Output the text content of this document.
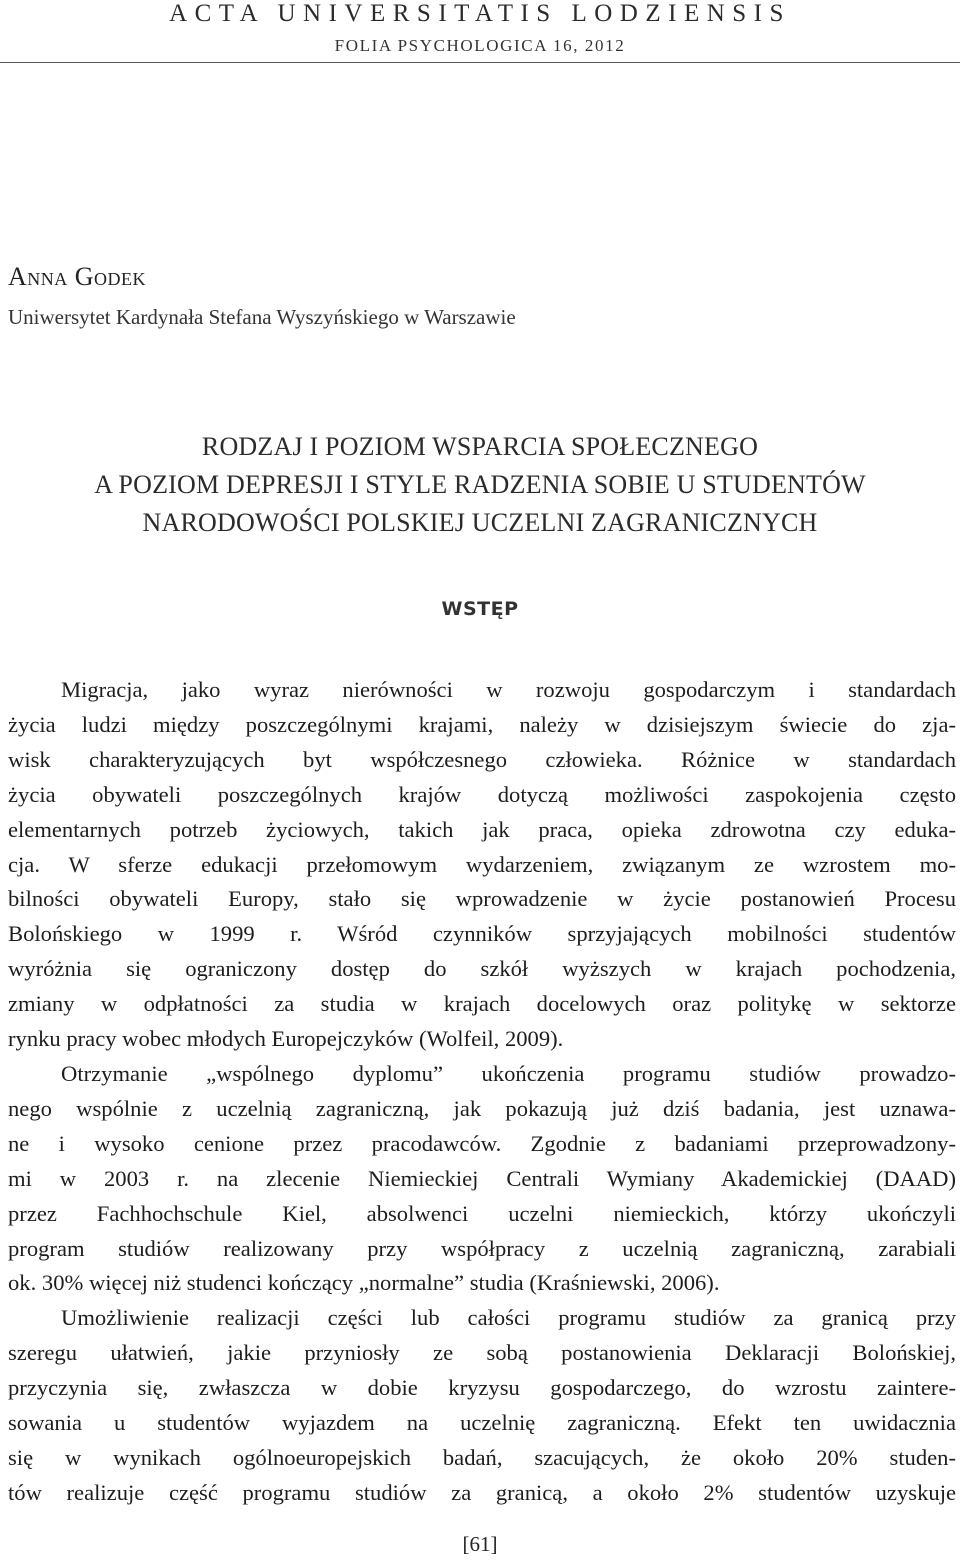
ACTA UNIVERSITATIS LODZIENSIS
FOLIA PSYCHOLOGICA 16, 2012
Anna Godek
Uniwersytet Kardynała Stefana Wyszyńskiego w Warszawie
RODZAJ I POZIOM WSPARCIA SPOŁECZNEGO
A POZIOM DEPRESJI I STYLE RADZENIA SOBIE U STUDENTÓW
NARODOWOŚCI POLSKIEJ UCZELNI ZAGRANICZNYCH
WSTĘP
Migracja, jako wyraz nierówności w rozwoju gospodarczym i standardach
życia ludzi między poszczególnymi krajami, należy w dzisiejszym świecie do zja-
wisk charakteryzujących byt współczesnego człowieka. Różnice w standardach
życia obywateli poszczególnych krajów dotyczą możliwości zaspokojenia często
elementarnych potrzeb życiowych, takich jak praca, opieka zdrowotna czy eduka-
cja. W sferze edukacji przełomowym wydarzeniem, związanym ze wzrostem mo-
bilności obywateli Europy, stało się wprowadzenie w życie postanowień Procesu
Bolońskiego w 1999 r. Wśród czynników sprzyjających mobilności studentów
wyróżnia się ograniczony dostęp do szkół wyższych w krajach pochodzenia,
zmiany w odpłatności za studia w krajach docelowych oraz politykę w sektorze
rynku pracy wobec młodych Europejczyków (Wolfeil, 2009).
Otrzymanie „wspólnego dyplomu” ukończenia programu studiów prowadzo-
nego wspólnie z uczelnią zagraniczną, jak pokazują już dziś badania, jest uznawa-
ne i wysoko cenione przez pracodawców. Zgodnie z badaniami przeprowadzony-
mi w 2003 r. na zlecenie Niemieckiej Centrali Wymiany Akademickiej (DAAD)
przez Fachhochschule Kiel, absolwenci uczelni niemieckich, którzy ukończyli
program studiów realizowany przy współpracy z uczelnią zagraniczną, zarabiali
ok. 30% więcej niż studenci kończący „normalne” studia (Kraśniewski, 2006).
Umożliwienie realizacji części lub całości programu studiów za granicą przy
szeregu ułatwień, jakie przyniosły ze sobą postanowienia Deklaracji Bolońskiej,
przyczynia się, zwłaszcza w dobie kryzysu gospodarczego, do wzrostu zaintere-
sowania u studentów wyjazdem na uczelnię zagraniczną. Efekt ten uwidacznia
się w wynikach ogólnoeuropejskich badań, szacujących, że około 20% studen-
tów realizuje część programu studiów za granicą, a około 2% studentów uzyskuje
[61]
